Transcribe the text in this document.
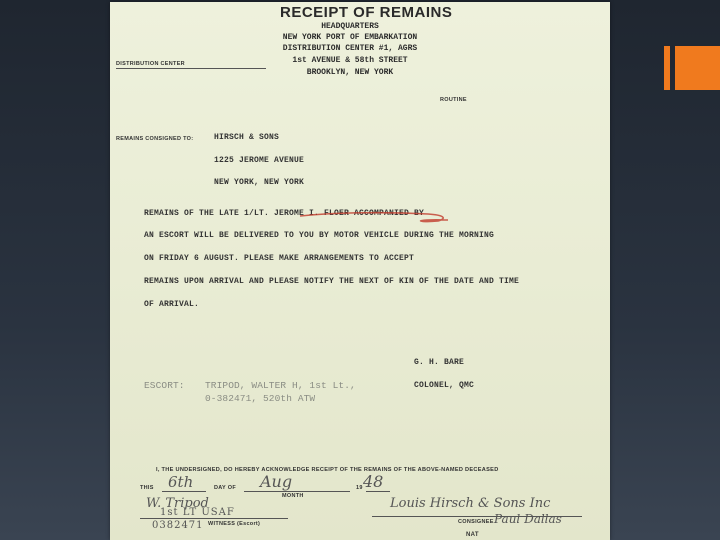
RECEIPT OF REMAINS
HEADQUARTERS
NEW YORK PORT OF EMBARKATION
DISTRIBUTION CENTER #1, AGRS
1st AVENUE & 58th STREET
BROOKLYN, NEW YORK
DISTRIBUTION CENTER
ROUTINE
REMAINS CONSIGNED TO:	HIRSCH & SONS
1225 JEROME AVENUE
NEW YORK, NEW YORK
REMAINS OF THE LATE 1/LT. JEROME I. FLOER ACCOMPANIED BY
AN ESCORT WILL BE DELIVERED TO YOU BY MOTOR VEHICLE DURING THE MORNING
ON FRIDAY 6 AUGUST. PLEASE MAKE ARRANGEMENTS TO ACCEPT
REMAINS UPON ARRIVAL AND PLEASE NOTIFY THE NEXT OF KIN OF THE DATE AND TIME
OF ARRIVAL.
G. H. BARE
COLONEL, QMC
ESCORT: TRIPOD, WALTER H, 1st Lt.,
0-382471, 520th ATW
I, THE UNDERSIGNED, DO HEREBY ACKNOWLEDGE RECEIPT OF THE REMAINS OF THE ABOVE-NAMED DECEASED
THIS 6th	DAY OF Aug
MONTH
19 48
W. Tripod
1st LT USAF
WITNESS (Escort)
0382471
Louis Hirsch & Sons Inc
CONSIGNEE Paul Dallas
NAT
